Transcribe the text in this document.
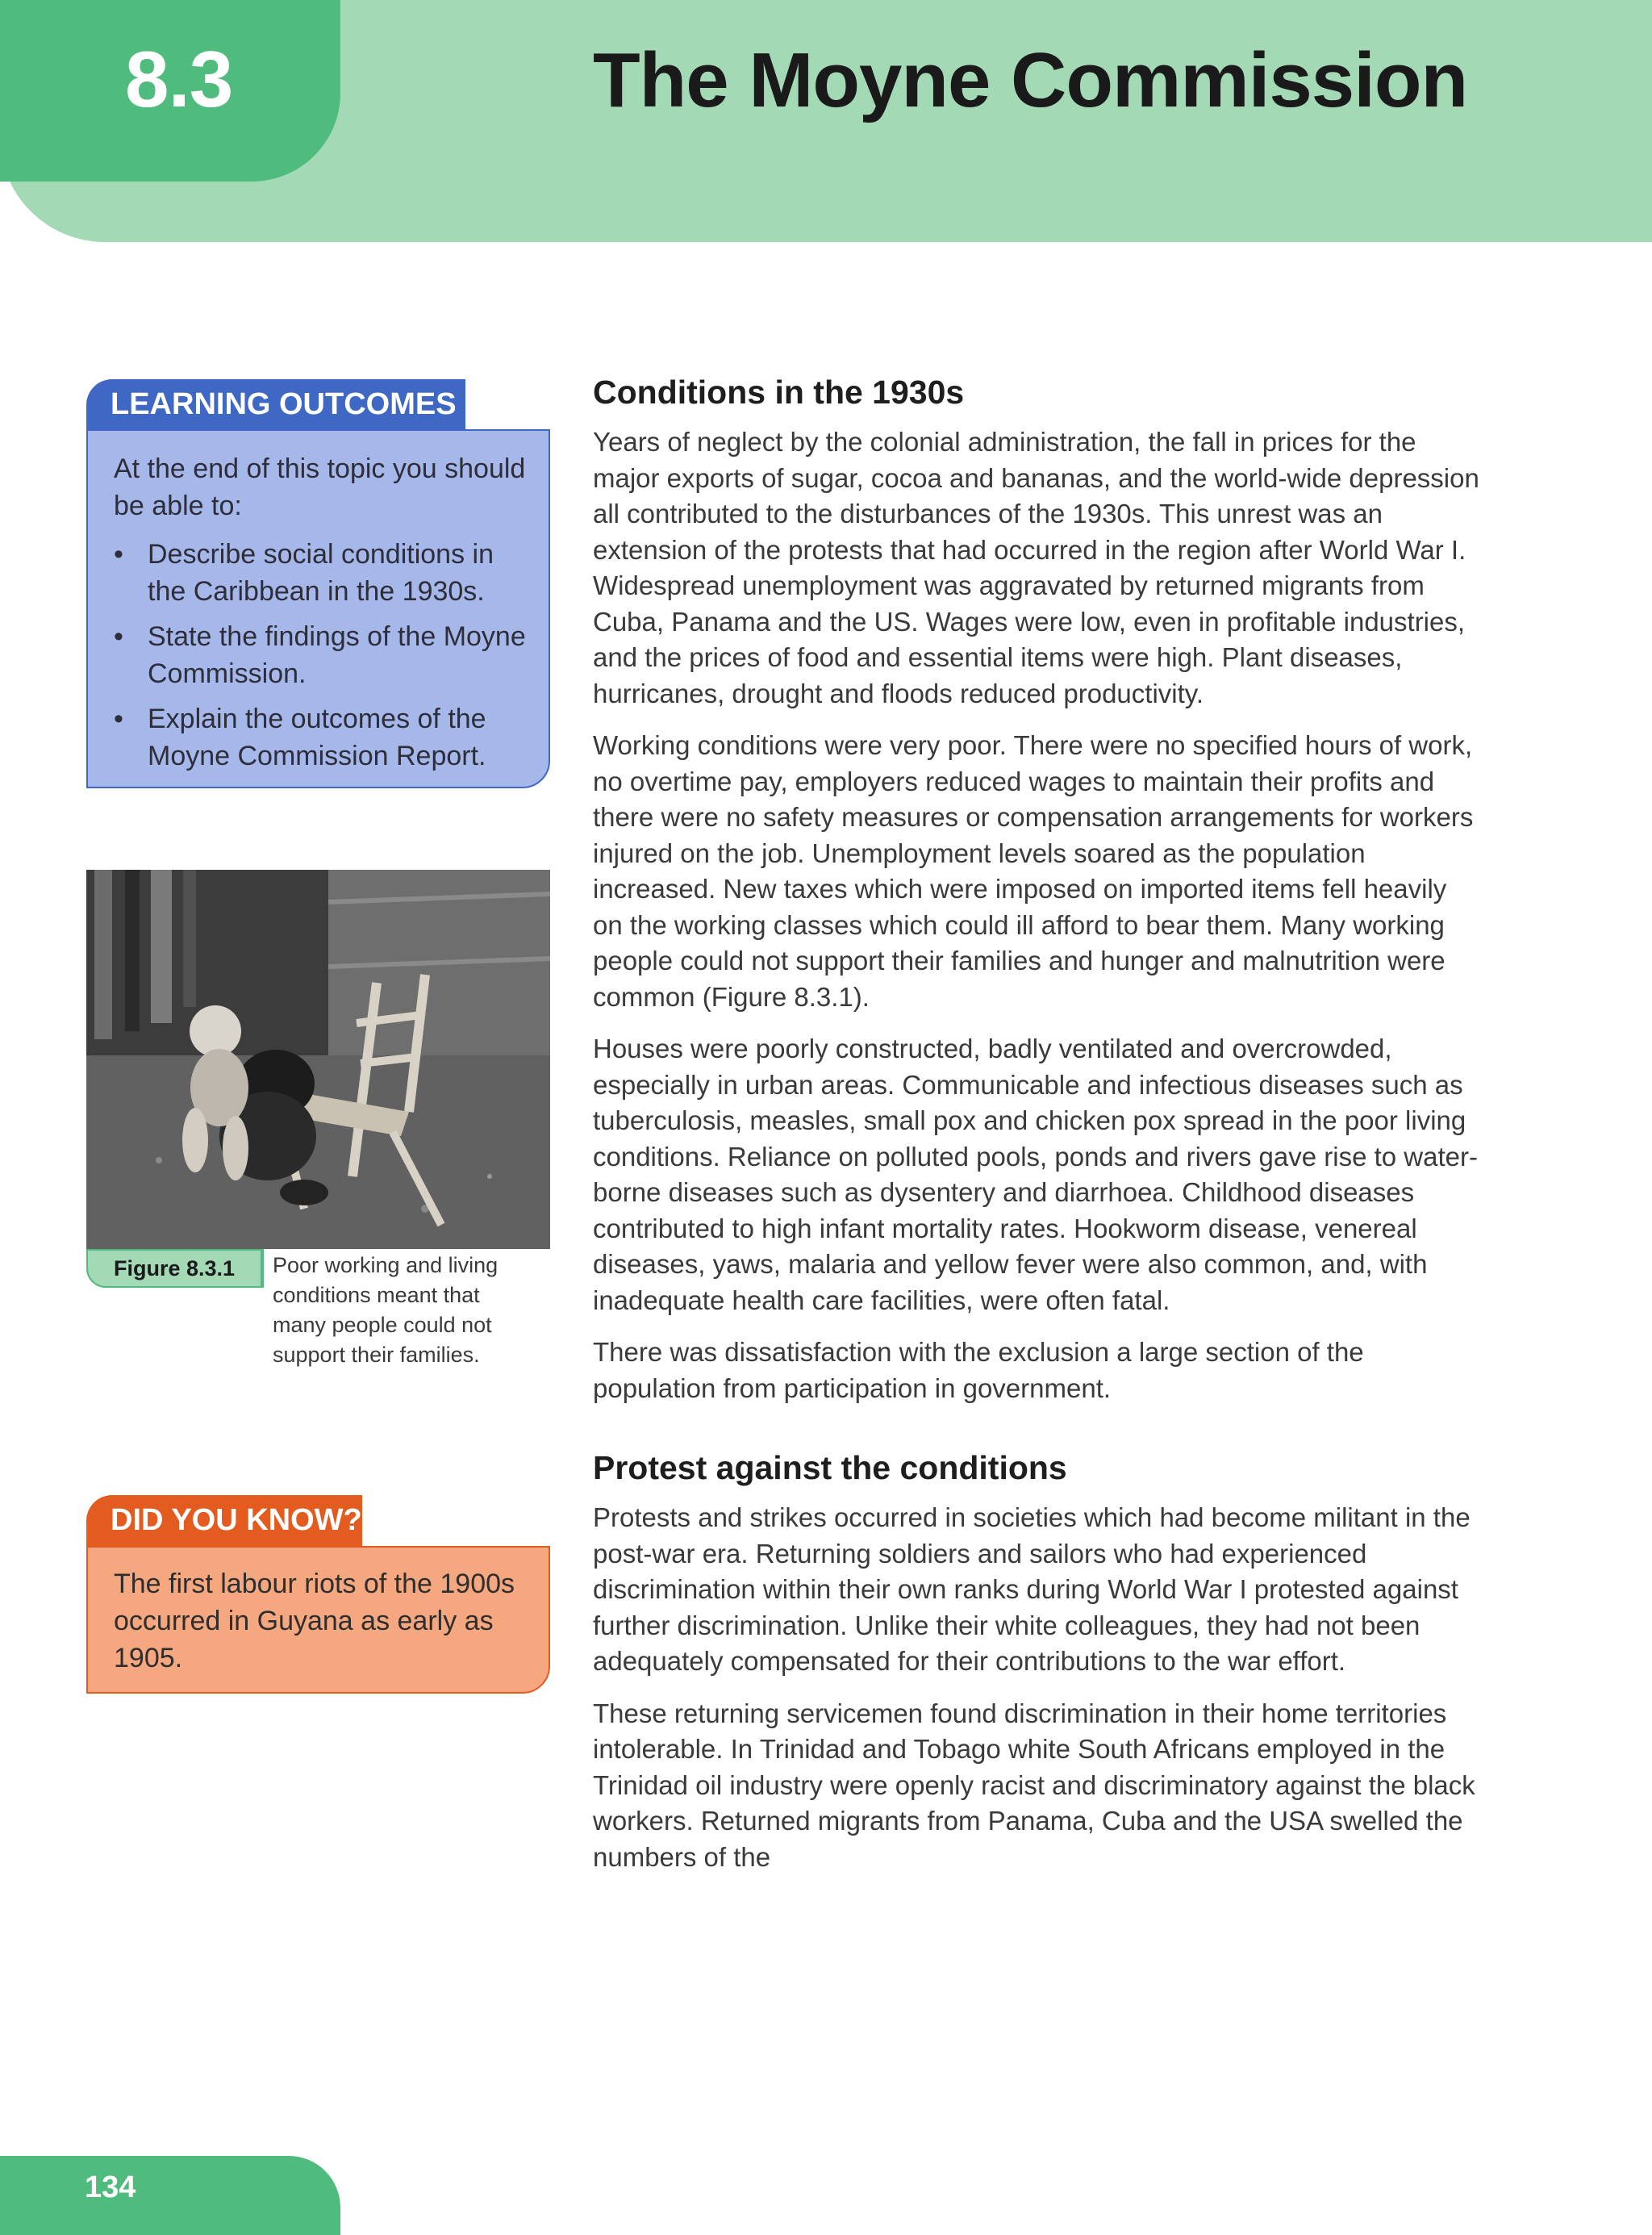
8.3	The Moyne Commission
LEARNING OUTCOMES

At the end of this topic you should be able to:

• Describe social conditions in the Caribbean in the 1930s.
• State the findings of the Moyne Commission.
• Explain the outcomes of the Moyne Commission Report.
Figure 8.3.1	Poor working and living conditions meant that many people could not support their families.
DID YOU KNOW?
The first labour riots of the 1900s occurred in Guyana as early as 1905.
Conditions in the 1930s

Years of neglect by the colonial administration, the fall in prices for the major exports of sugar, cocoa and bananas, and the world-wide depression all contributed to the disturbances of the 1930s. This unrest was an extension of the protests that had occurred in the region after World War I. Widespread unemployment was aggravated by returned migrants from Cuba, Panama and the US. Wages were low, even in profitable industries, and the prices of food and essential items were high. Plant diseases, hurricanes, drought and floods reduced productivity.

Working conditions were very poor. There were no specified hours of work, no overtime pay, employers reduced wages to maintain their profits and there were no safety measures or compensation arrangements for workers injured on the job. Unemployment levels soared as the population increased. New taxes which were imposed on imported items fell heavily on the working classes which could ill afford to bear them. Many working people could not support their families and hunger and malnutrition were common (Figure 8.3.1).

Houses were poorly constructed, badly ventilated and overcrowded, especially in urban areas. Communicable and infectious diseases such as tuberculosis, measles, small pox and chicken pox spread in the poor living conditions. Reliance on polluted pools, ponds and rivers gave rise to water-borne diseases such as dysentery and diarrhoea. Childhood diseases contributed to high infant mortality rates. Hookworm disease, venereal diseases, yaws, malaria and yellow fever were also common, and, with inadequate health care facilities, were often fatal.

There was dissatisfaction with the exclusion a large section of the population from participation in government.

Protest against the conditions

Protests and strikes occurred in societies which had become militant in the post-war era. Returning soldiers and sailors who had experienced discrimination within their own ranks during World War I protested against further discrimination. Unlike their white colleagues, they had not been adequately compensated for their contributions to the war effort.

These returning servicemen found discrimination in their home territories intolerable. In Trinidad and Tobago white South Africans employed in the Trinidad oil industry were openly racist and discriminatory against the black workers. Returned migrants from Panama, Cuba and the USA swelled the numbers of the

134
